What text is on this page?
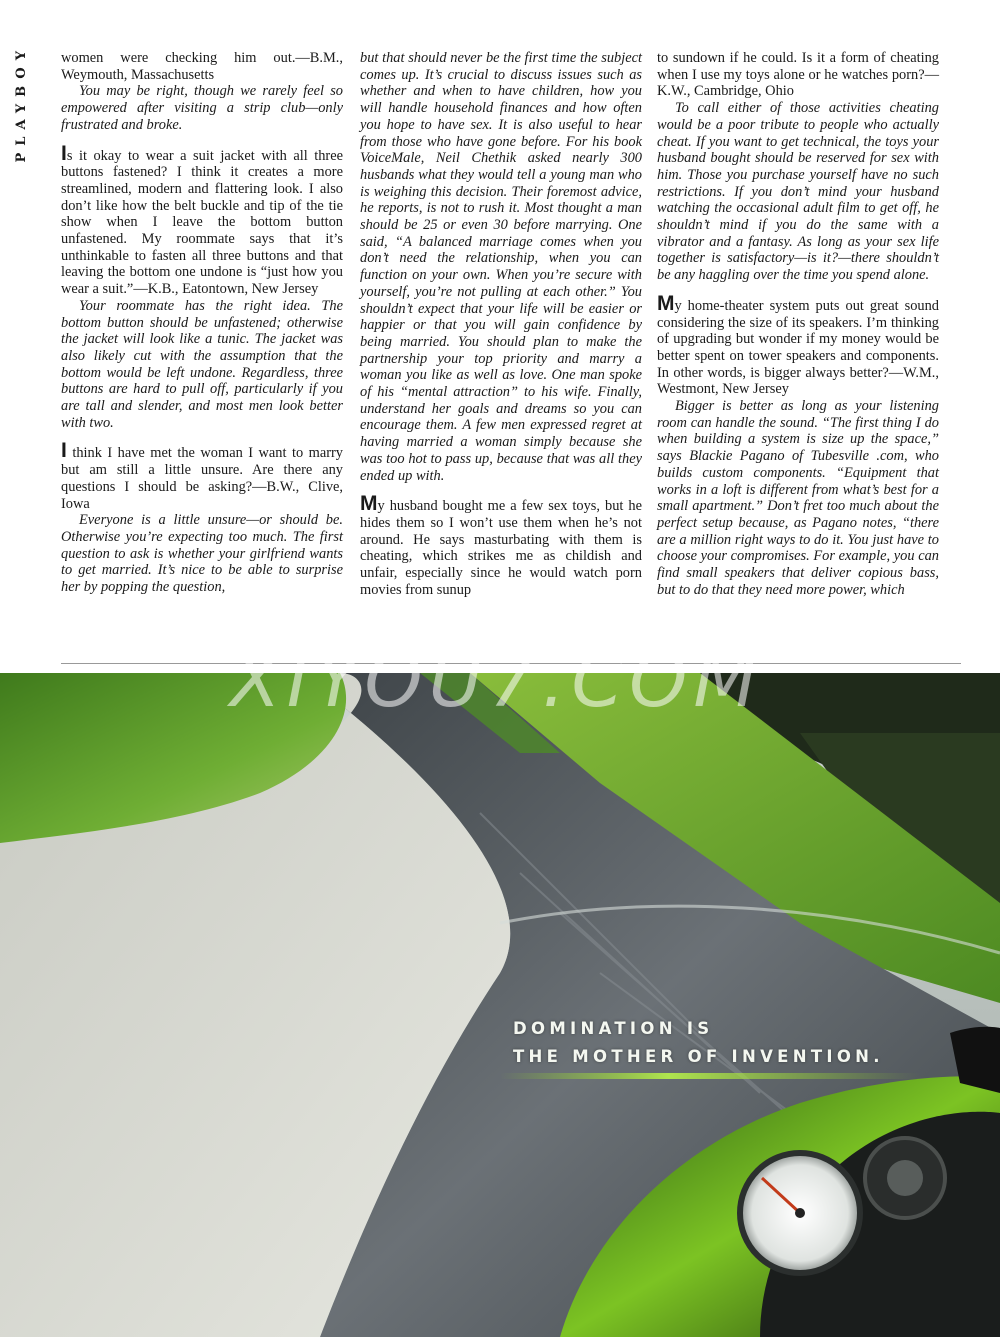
PLAYBOY women were checking him out.—B.M., Weymouth, Massachusetts

You may be right, though we rarely feel so empowered after visiting a strip club—only frustrated and broke.

Is it okay to wear a suit jacket with all three buttons fastened? I think it creates a more streamlined, modern and flattering look. I also don’t like how the belt buckle and tip of the tie show when I leave the bottom button unfastened. My roommate says that it’s unthinkable to fasten all three buttons and that leaving the bottom one undone is “just how you wear a suit.”—K.B., Eatontown, New Jersey

Your roommate has the right idea. The bottom button should be unfastened; otherwise the jacket will look like a tunic. The jacket was also likely cut with the assumption that the bottom would be left undone. Regardless, three buttons are hard to pull off, particularly if you are tall and slender, and most men look better with two.

I think I have met the woman I want to marry but am still a little unsure. Are there any questions I should be asking?—B.W., Clive, Iowa

Everyone is a little unsure—or should be. Otherwise you’re expecting too much. The first question to ask is whether your girlfriend wants to get married. It’s nice to be able to surprise her by popping the question,

but that should never be the first time the subject comes up. It’s crucial to discuss issues such as whether and when to have children, how you will handle household finances and how often you hope to have sex. It is also useful to hear from those who have gone before. For his book VoiceMale, Neil Chethik asked nearly 300 husbands what they would tell a young man who is weighing this decision. Their foremost advice, he reports, is not to rush it. Most thought a man should be 25 or even 30 before marrying. One said, “A balanced marriage comes when you don’t need the relationship, when you can function on your own. When you’re secure with yourself, you’re not pulling at each other.” You shouldn’t expect that your life will be easier or happier or that you will gain confidence by being married. You should plan to make the partnership your top priority and marry a woman you like as well as love. One man spoke of his “mental attraction” to his wife. Finally, understand her goals and dreams so you can encourage them. A few men expressed regret at having married a woman simply because she was too hot to pass up, because that was all they ended up with.

My husband bought me a few sex toys, but he hides them so I won’t use them when he’s not around. He says masturbating with them is cheating, which strikes me as childish and unfair, especially since he would watch porn movies from sunup

to sundown if he could. Is it a form of cheating when I use my toys alone or he watches porn?—K.W., Cambridge, Ohio

To call either of those activities cheating would be a poor tribute to people who actually cheat. If you want to get technical, the toys your husband bought should be reserved for sex with him. Those you purchase yourself have no such restrictions. If you don’t mind your husband watching the occasional adult film to get off, he shouldn’t mind if you do the same with a vibrator and a fantasy. As long as your sex life together is satisfactory—is it?—there shouldn’t be any haggling over the time you spend alone.

My home-theater system puts out great sound considering the size of its speakers. I’m thinking of upgrading but wonder if my money would be better spent on tower speakers and components. In other words, is bigger always better?—W.M., Westmont, New Jersey

Bigger is better as long as your listening room can handle the sound. “The first thing I do when building a system is size up the space,” says Blackie Pagano of Tubesville .com, who builds custom components. “Equipment that works in a loft is different from what’s best for a small apartment.” Don’t fret too much about the perfect setup because, as Pagano notes, “there are a million right ways to do it. You just have to choose your compromises. For example, you can find small speakers that deliver copious bass, but to do that they need more power, which

XIYOU7.COM
DOMINATION IS
THE MOTHER OF INVENTION.
